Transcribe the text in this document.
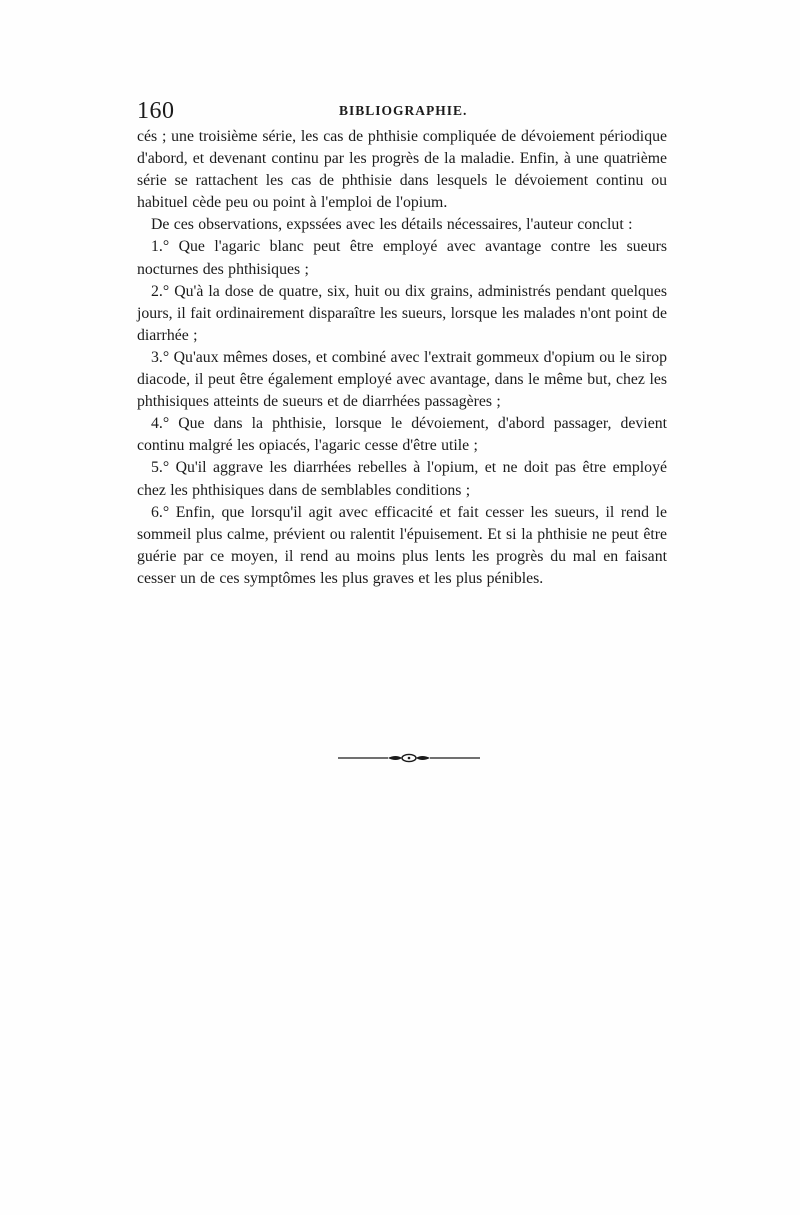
160	BIBLIOGRAPHIE.

cés ; une troisième série, les cas de phthisie compliquée de dévoiement périodique d'abord, et devenant continu par les progrès de la maladie. Enfin, à une quatrième série se rattachent les cas de phthisie dans lesquels le dévoiement continu ou habituel cède peu ou point à l'emploi de l'opium.

De ces observations, expssées avec les détails nécessaires, l'auteur conclut :

1.° Que l'agaric blanc peut être employé avec avantage contre les sueurs nocturnes des phthisiques ;

2.° Qu'à la dose de quatre, six, huit ou dix grains, administrés pendant quelques jours, il fait ordinairement disparaître les sueurs, lorsque les malades n'ont point de diarrhée ;

3.° Qu'aux mêmes doses, et combiné avec l'extrait gommeux d'opium ou le sirop diacode, il peut être également employé avec avantage, dans le même but, chez les phthisiques atteints de sueurs et de diarrhées passagères ;

4.° Que dans la phthisie, lorsque le dévoiement, d'abord passager, devient continu malgré les opiacés, l'agaric cesse d'être utile ;

5.° Qu'il aggrave les diarrhées rebelles à l'opium, et ne doit pas être employé chez les phthisiques dans de semblables conditions ;

6.° Enfin, que lorsqu'il agit avec efficacité et fait cesser les sueurs, il rend le sommeil plus calme, prévient ou ralentit l'épuisement. Et si la phthisie ne peut être guérie par ce moyen, il rend au moins plus lents les progrès du mal en faisant cesser un de ces symptômes les plus graves et les plus pénibles.
